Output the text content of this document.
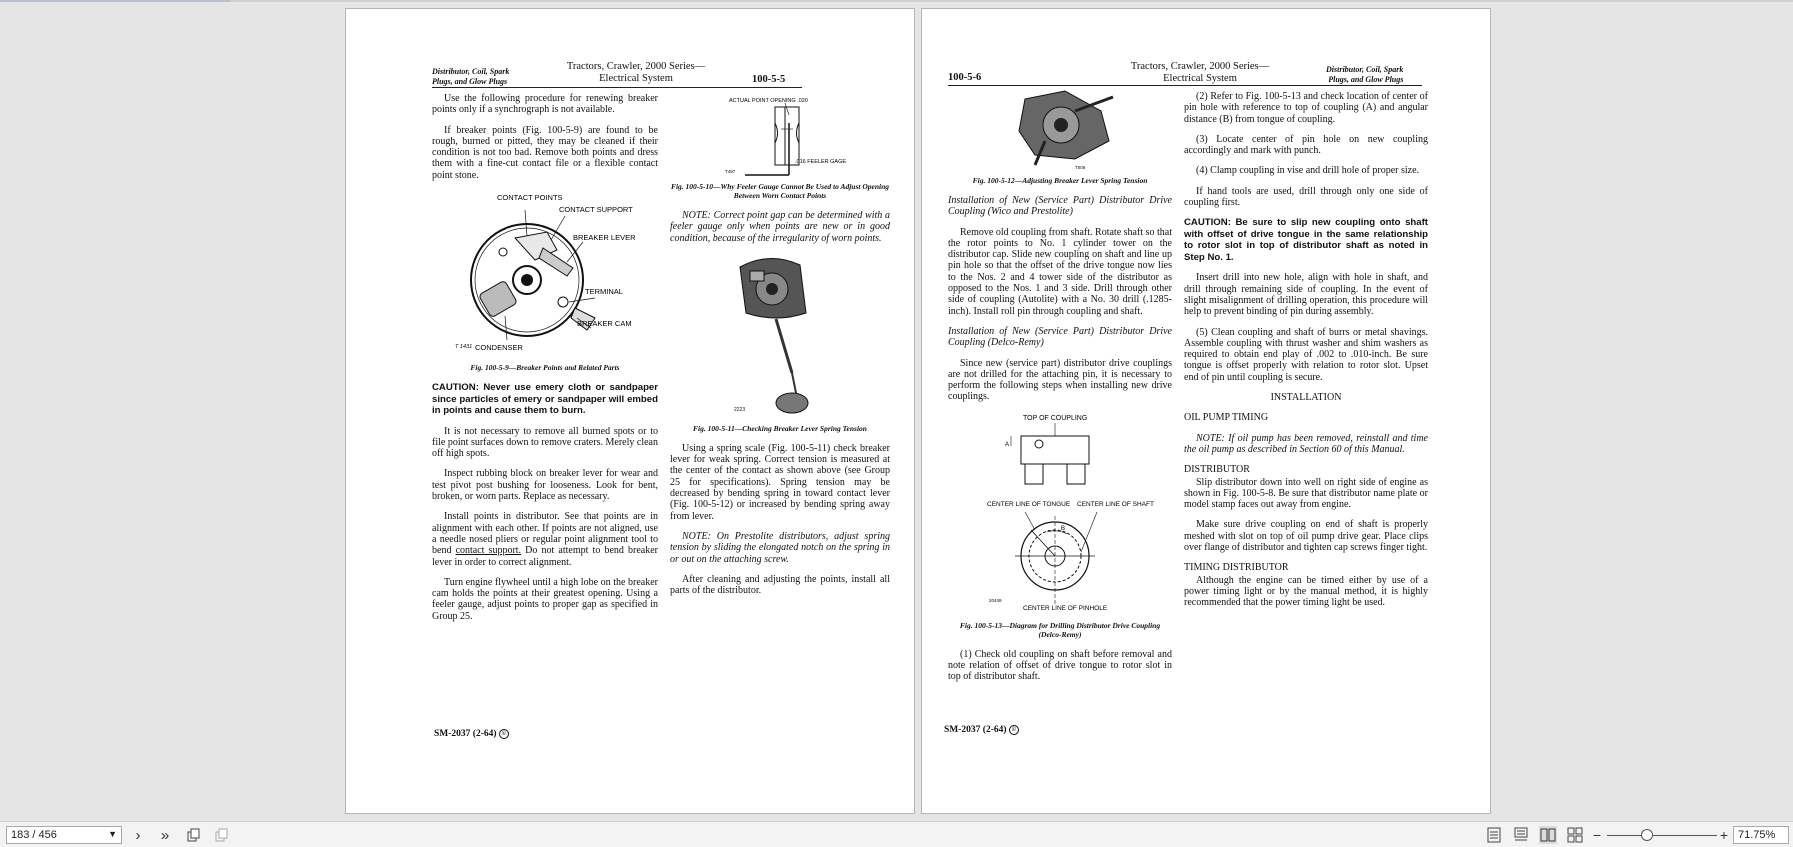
Distributor, Coil, Spark
Plugs, and Glow Plugs
Tractors, Crawler, 2000 Series—
Electrical System	100-5-5

Use the following procedure for renewing breaker points only if a synchrograph is not available.

If breaker points (Fig. 100-5-9) are found to be rough, burned or pitted, they may be cleaned if their condition is not too bad. Remove both points and dress them with a fine-cut contact file or a flexible contact point stone.

CONTACT POINTS
CONTACT SUPPORT
BREAKER LEVER
TERMINAL
BREAKER CAM
CONDENSER
T 1431

Fig. 100-5-9—Breaker Points and Related Parts

CAUTION: Never use emery cloth or sandpaper since particles of emery or sandpaper will embed in points and cause them to burn.

It is not necessary to remove all burned spots or to file point surfaces down to remove craters. Merely clean off high spots.

Inspect rubbing block on breaker lever for wear and test pivot post bushing for looseness. Look for bent, broken, or worn parts. Replace as necessary.

Install points in distributor. See that points are in alignment with each other. If points are not aligned, use a needle nosed pliers or regular point alignment tool to bend contact support. Do not attempt to bend breaker lever in order to correct alignment.

Turn engine flywheel until a high lobe on the breaker cam holds the points at their greatest opening. Using a feeler gauge, adjust points to proper gap as specified in Group 25.

ACTUAL POINT OPENING .020
.016 FEELER GAGE
T497

Fig. 100-5-10—Why Feeler Gauge Cannot Be Used to Adjust Opening Between Worn Contact Points

NOTE: Correct point gap can be determined with a feeler gauge only when points are new or in good condition, because of the irregularity of worn points.

2223

Fig. 100-5-11—Checking Breaker Lever Spring Tension

Using a spring scale (Fig. 100-5-11) check breaker lever for weak spring. Correct tension is measured at the center of the contact as shown above (see Group 25 for specifications). Spring tension may be decreased by bending spring in toward contact lever (Fig. 100-5-12) or increased by bending spring away from lever.

NOTE: On Prestolite distributors, adjust spring tension by sliding the elongated notch on the spring in or out on the attaching screw.

After cleaning and adjusting the points, install all parts of the distributor.

SM-2037 (2-64) ©
100-5-6
Tractors, Crawler, 2000 Series—
Electrical System
Distributor, Coil, Spark
Plugs, and Glow Plugs
T508

Fig. 100-5-12—Adjusting Breaker Lever Spring Tension

Installation of New (Service Part) Distributor Drive Coupling (Wico and Prestolite)

Remove old coupling from shaft. Rotate shaft so that the rotor points to No. 1 cylinder tower on the distributor cap. Slide new coupling on shaft and line up pin hole so that the offset of the drive tongue now lies to the Nos. 2 and 4 tower side of the distributor as opposed to the Nos. 1 and 3 side. Drill through other side of coupling (Autolite) with a No. 30 drill (.1285-inch). Install roll pin through coupling and shaft.

Installation of New (Service Part) Distributor Drive Coupling (Delco-Remy)

Since new (service part) distributor drive couplings are not drilled for the attaching pin, it is necessary to perform the following steps when installing new drive couplings.

TOP OF COUPLING
A
CENTER LINE OF TONGUE CENTER LINE OF SHAFT
B
CENTER LINE OF PINHOLE
20449

Fig. 100-5-13—Diagram for Drilling Distributor Drive Coupling (Delco-Remy)

(1) Check old coupling on shaft before removal and note relation of offset of drive tongue to rotor slot in top of distributor shaft.

(2) Refer to Fig. 100-5-13 and check location of center of pin hole with reference to top of coupling (A) and angular distance (B) from tongue of coupling.

(3) Locate center of pin hole on new coupling accordingly and mark with punch.

(4) Clamp coupling in vise and drill hole of proper size.

If hand tools are used, drill through only one side of coupling first.

CAUTION: Be sure to slip new coupling onto shaft with offset of drive tongue in the same relationship to rotor slot in top of distributor shaft as noted in Step No. 1.

Insert drill into new hole, align with hole in shaft, and drill through remaining side of coupling. In the event of slight misalignment of drilling operation, this procedure will help to prevent binding of pin during assembly.

(5) Clean coupling and shaft of burrs or metal shavings. Assemble coupling with thrust washer and shim washers as required to obtain end play of .002 to .010-inch. Be sure tongue is offset properly with relation to rotor slot. Upset end of pin until coupling is secure.

INSTALLATION

OIL PUMP TIMING

NOTE: If oil pump has been removed, reinstall and time the oil pump as described in Section 60 of this Manual.

DISTRIBUTOR

Slip distributor down into well on right side of engine as shown in Fig. 100-5-8. Be sure that distributor name plate or model stamp faces out away from engine.

Make sure drive coupling on end of shaft is properly meshed with slot on top of oil pump drive gear. Place clips over flange of distributor and tighten cap screws finger tight.

TIMING DISTRIBUTOR

Although the engine can be timed either by use of a power timing light or by the manual method, it is highly recommended that the power timing light be used.

SM-2037 (2-64) ©
183 / 456	▼	›	»	−	+ 71.75%
